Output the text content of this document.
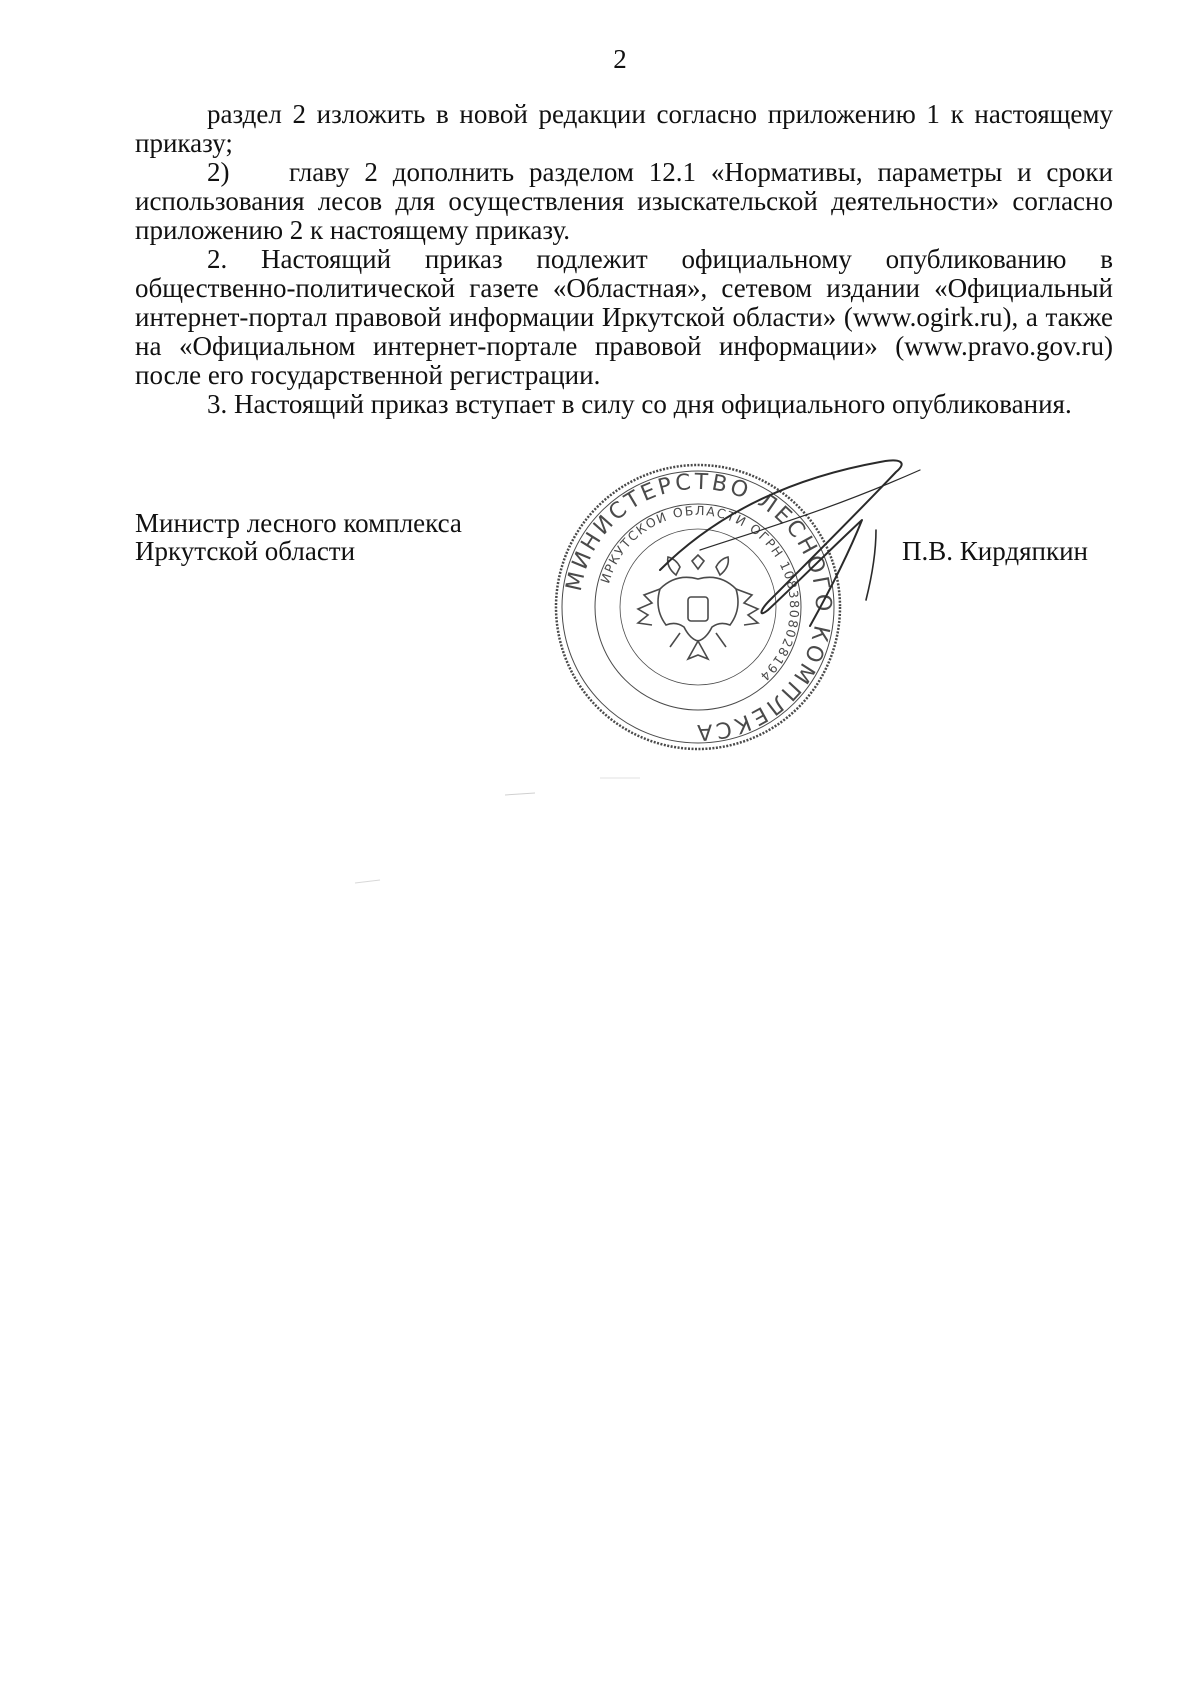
2

раздел 2 изложить в новой редакции согласно приложению 1 к настоящему приказу;

2)    главу 2 дополнить разделом 12.1 «Нормативы, параметры и сроки использования лесов для осуществления изыскательской деятельности» согласно приложению 2 к настоящему приказу.

2. Настоящий приказ подлежит официальному опубликованию в общественно-политической газете «Областная», сетевом издании «Официальный интернет-портал правовой информации Иркутской области» (www.ogirk.ru), а также на «Официальном интернет-портале правовой информации» (www.pravo.gov.ru) после его государственной регистрации.

3. Настоящий приказ вступает в силу со дня официального опубликования.

Министр лесного комплекса
Иркутской области	П.В. Кирдяпкин
МИНИСТЕРСТВО ЛЕСНОГО КОМПЛЕКСА
ИРКУТСКОЙ ОБЛАСТИ ОГРН 1083808028194
